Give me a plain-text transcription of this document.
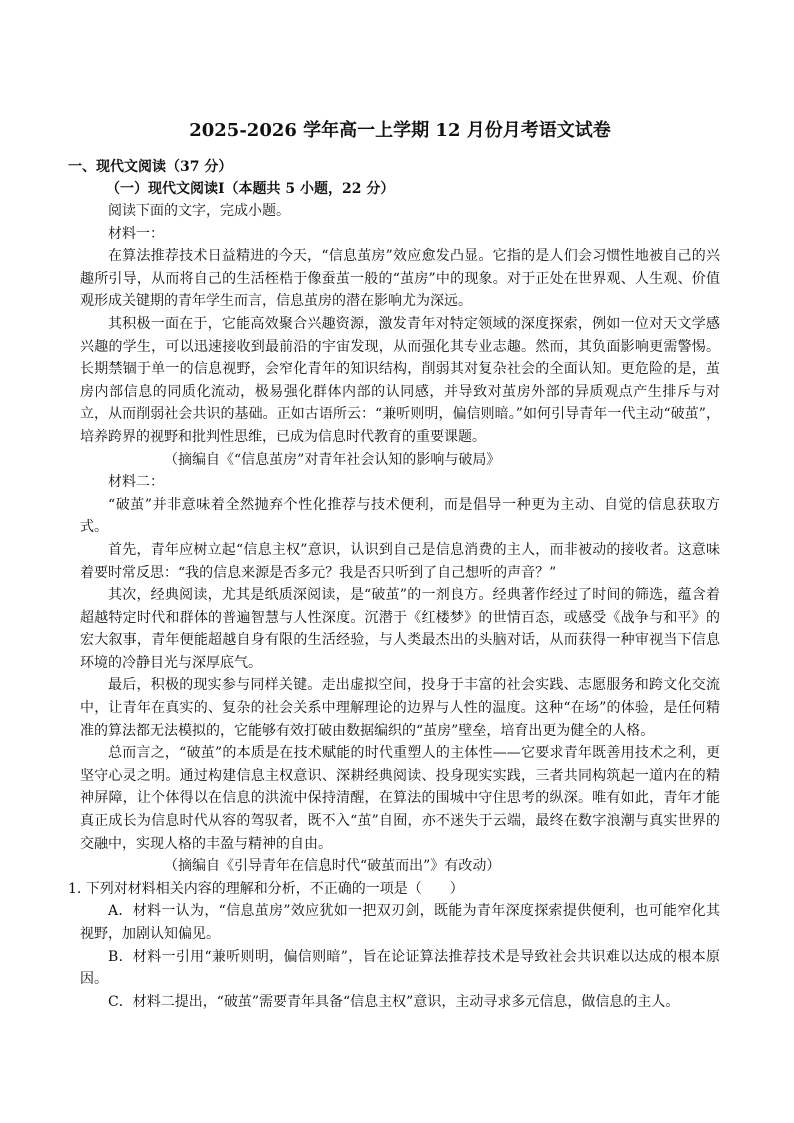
2025-2026 学年高一上学期 12 月份月考语文试卷
一、现代文阅读（37 分）
（一）现代文阅读Ⅰ（本题共 5 小题，22 分）

阅读下面的文字，完成小题。

材料一：

在算法推荐技术日益精进的今天，“信息茧房”效应愈发凸显。它指的是人们会习惯性地被自己的兴趣所引导，从而将自己的生活桎梏于像蚕茧一般的“茧房”中的现象。对于正处在世界观、人生观、价值观形成关键期的青年学生而言，信息茧房的潜在影响尤为深远。

其积极一面在于，它能高效聚合兴趣资源，激发青年对特定领域的深度探索，例如一位对天文学感兴趣的学生，可以迅速接收到最前沿的宇宙发现，从而强化其专业志趣。然而，其负面影响更需警惕。长期禁锢于单一的信息视野，会窄化青年的知识结构，削弱其对复杂社会的全面认知。更危险的是，茧房内部信息的同质化流动，极易强化群体内部的认同感，并导致对茧房外部的异质观点产生排斥与对立，从而削弱社会共识的基础。正如古语所云：“兼听则明，偏信则暗。”如何引导青年一代主动“破茧”，培养跨界的视野和批判性思维，已成为信息时代教育的重要课题。

（摘编自《“信息茧房”对青年社会认知的影响与破局》

材料二：

“破茧”并非意味着全然抛弃个性化推荐与技术便利，而是倡导一种更为主动、自觉的信息获取方式。

首先，青年应树立起“信息主权”意识，认识到自己是信息消费的主人，而非被动的接收者。这意味着要时常反思：“我的信息来源是否多元？我是否只听到了自己想听的声音？”

其次，经典阅读，尤其是纸质深阅读，是“破茧”的一剂良方。经典著作经过了时间的筛选，蕴含着超越特定时代和群体的普遍智慧与人性深度。沉潜于《红楼梦》的世情百态，或感受《战争与和平》的宏大叙事，青年便能超越自身有限的生活经验，与人类最杰出的头脑对话，从而获得一种审视当下信息环境的冷静目光与深厚底气。

最后，积极的现实参与同样关键。走出虚拟空间，投身于丰富的社会实践、志愿服务和跨文化交流中，让青年在真实的、复杂的社会关系中理解理论的边界与人性的温度。这种“在场”的体验，是任何精准的算法都无法模拟的，它能够有效打破由数据编织的“茧房”壁垒，培育出更为健全的人格。

总而言之，“破茧”的本质是在技术赋能的时代重塑人的主体性——它要求青年既善用技术之利，更坚守心灵之明。通过构建信息主权意识、深耕经典阅读、投身现实实践，三者共同构筑起一道内在的精神屏障，让个体得以在信息的洪流中保持清醒，在算法的围城中守住思考的纵深。唯有如此，青年才能真正成长为信息时代从容的驾驭者，既不入“茧”自囿，亦不迷失于云端，最终在数字浪潮与真实世界的交融中，实现人格的丰盈与精神的自由。

（摘编自《引导青年在信息时代“破茧而出”》有改动）

1. 下列对材料相关内容的理解和分析，不正确的一项是（　　）

A．材料一认为，“信息茧房”效应犹如一把双刃剑，既能为青年深度探索提供便利，也可能窄化其视野，加剧认知偏见。

B．材料一引用“兼听则明，偏信则暗”，旨在论证算法推荐技术是导致社会共识难以达成的根本原因。

C．材料二提出，“破茧”需要青年具备“信息主权”意识，主动寻求多元信息，做信息的主人。
